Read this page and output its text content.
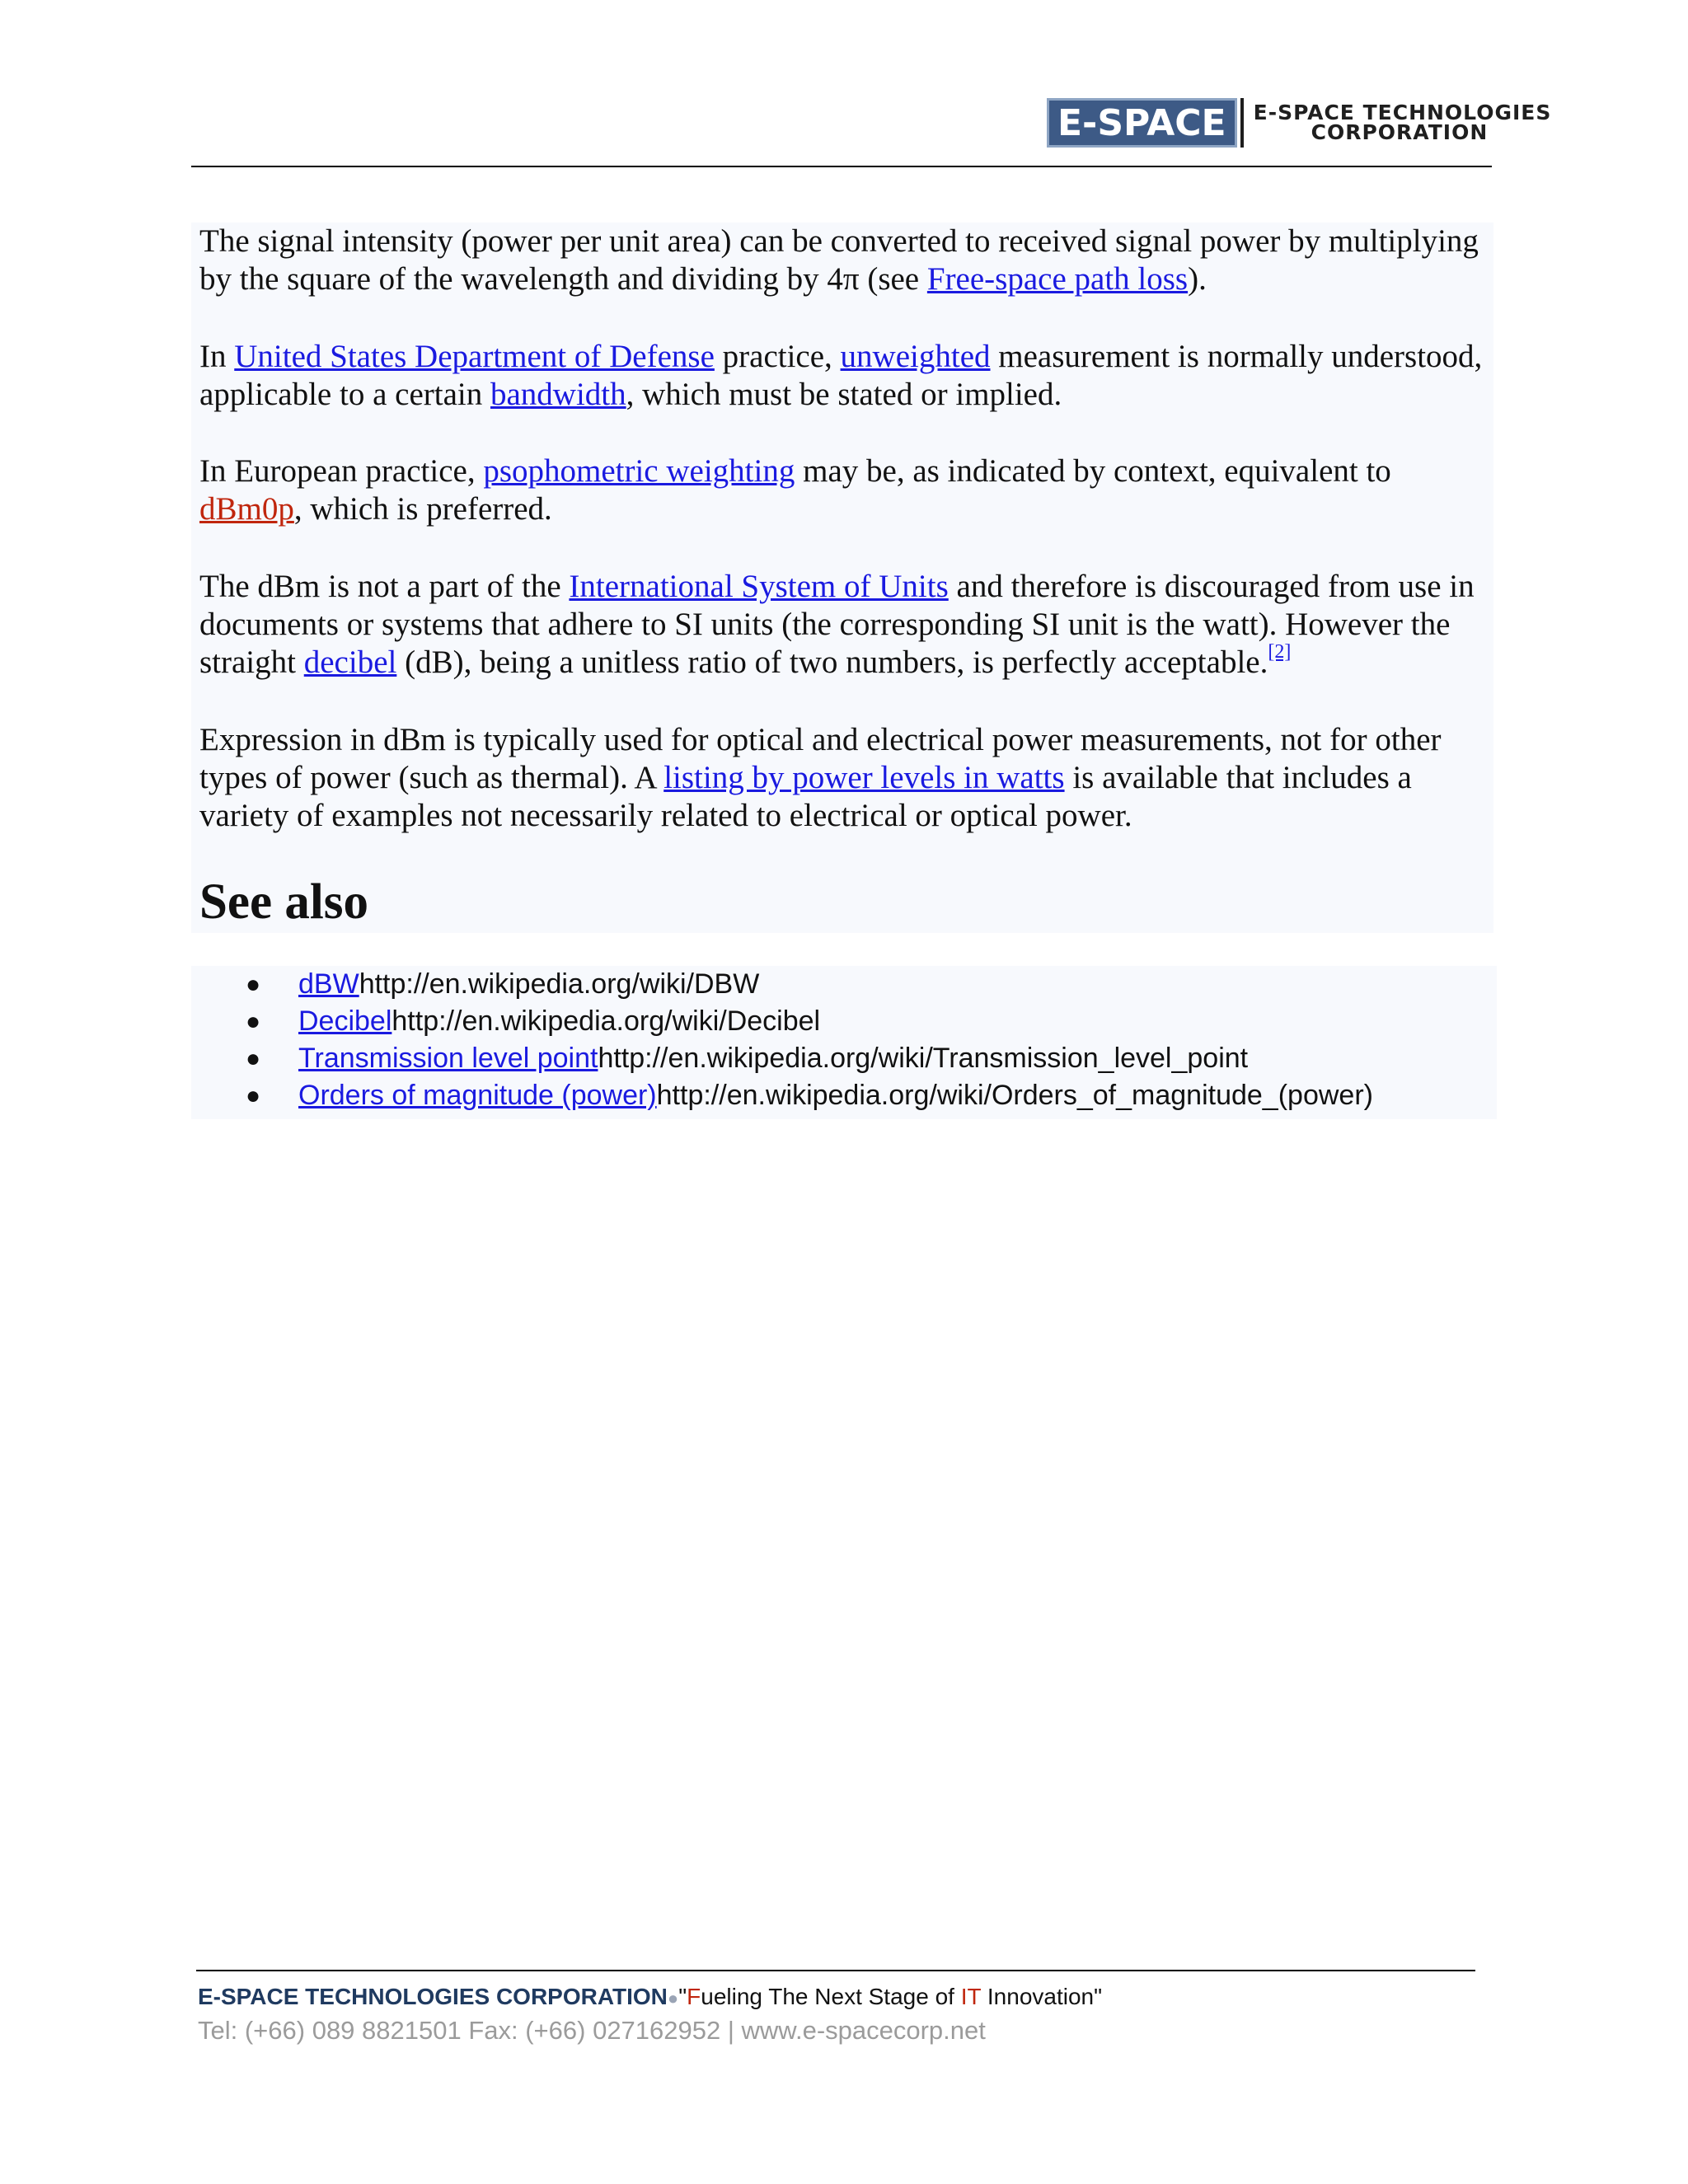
E-SPACE	E-SPACE TECHNOLOGIES
CORPORATION

The signal intensity (power per unit area) can be converted to received signal power by multiplying by the square of the wavelength and dividing by 4π (see Free-space path loss).

In United States Department of Defense practice, unweighted measurement is normally understood, applicable to a certain bandwidth, which must be stated or implied.

In European practice, psophometric weighting may be, as indicated by context, equivalent to dBm0p, which is preferred.

The dBm is not a part of the International System of Units and therefore is discouraged from use in documents or systems that adhere to SI units (the corresponding SI unit is the watt). However the straight decibel (dB), being a unitless ratio of two numbers, is perfectly acceptable.[2]

Expression in dBm is typically used for optical and electrical power measurements, not for other types of power (such as thermal). A listing by power levels in watts is available that includes a variety of examples not necessarily related to electrical or optical power.

See also
● dBWhttp://en.wikipedia.org/wiki/DBW
● Decibelhttp://en.wikipedia.org/wiki/Decibel
● Transmission level pointhttp://en.wikipedia.org/wiki/Transmission_level_point
● Orders of magnitude (power)http://en.wikipedia.org/wiki/Orders_of_magnitude_(power)
E-SPACE TECHNOLOGIES CORPORATION●"Fueling The Next Stage of IT Innovation"
Tel: (+66) 089 8821501 Fax: (+66) 027162952 | www.e-spacecorp.net
